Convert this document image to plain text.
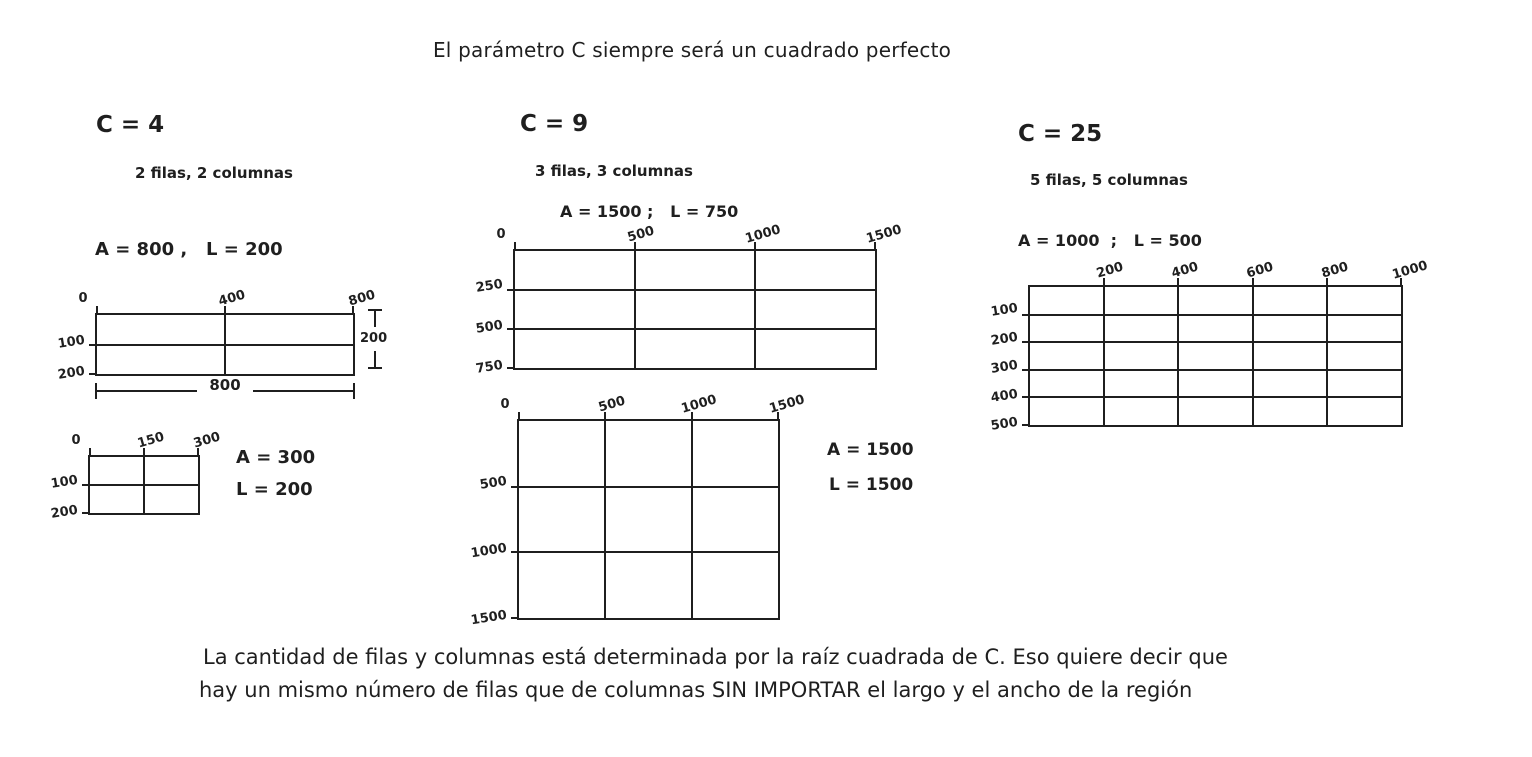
El parámetro C siempre será un cuadrado perfecto
C = 4
2 filas, 2 columnas
A = 800 ,   L = 200
200
800
A = 300
L = 200
C = 9
3 filas, 3 columnas
A = 1500 ;   L = 750
A = 1500
L = 1500
C = 25
5 filas, 5 columnas
A = 1000  ;   L = 500
La cantidad de filas y columnas está determinada por la raíz cuadrada de C. Eso quiere decir que
hay un mismo número de filas que de columnas SIN IMPORTAR el largo y el ancho de la región
0	400	800
100
200
0	150 300
100
200
0	500	1000	1500
250
500
750
0	500	1000	1500
500
1000
1500
200	400	600	800	1000
100
200
300
400
500
